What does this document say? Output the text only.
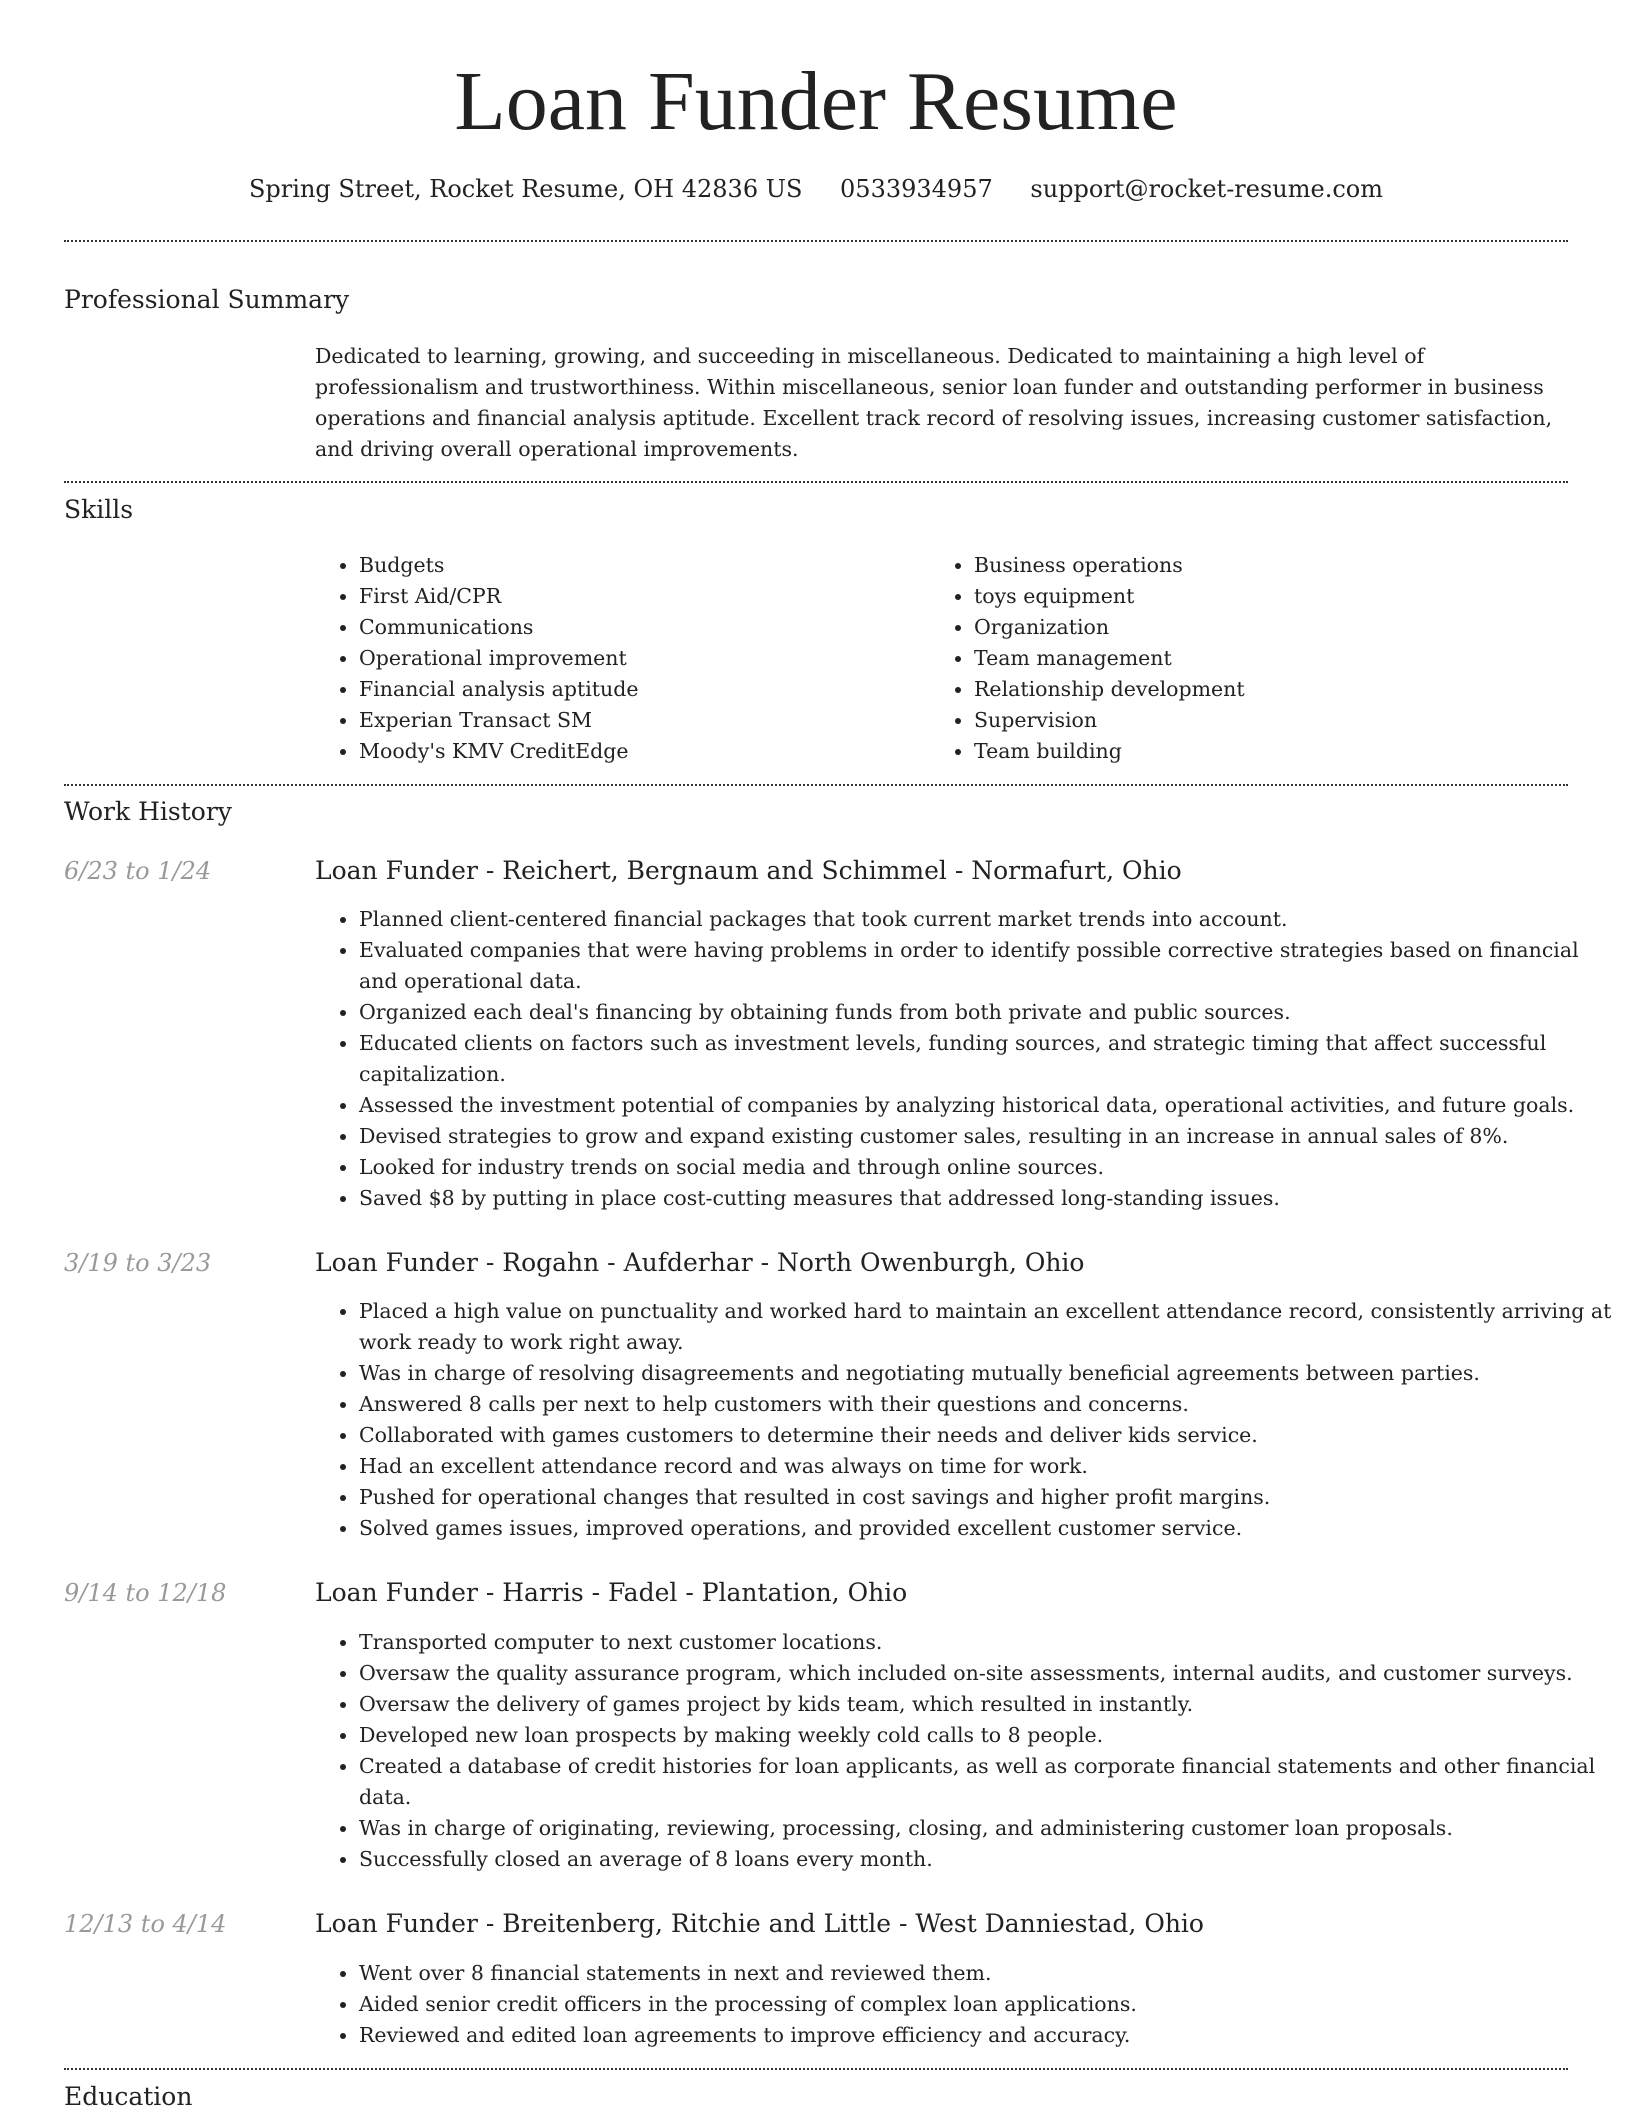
Loan Funder Resume
Spring Street, Rocket Resume, OH 42836 US 0533934957 support@rocket-resume.com
Professional Summary

Dedicated to learning, growing, and succeeding in miscellaneous. Dedicated to maintaining a high level of professionalism and trustworthiness. Within miscellaneous, senior loan funder and outstanding performer in business operations and financial analysis aptitude. Excellent track record of resolving issues, increasing customer satisfaction, and driving overall operational improvements.

Skills
• Budgets
• First Aid/CPR
• Communications
• Operational improvement
• Financial analysis aptitude
• Experian Transact SM
• Moody's KMV CreditEdge
• Business operations
• toys equipment
• Organization
• Team management
• Relationship development
• Supervision
• Team building
Work History
6/23 to 1/24	Loan Funder - Reichert, Bergnaum and Schimmel - Normafurt, Ohio
• Planned client-centered financial packages that took current market trends into account.
• Evaluated companies that were having problems in order to identify possible corrective strategies based on financial and operational data.
• Organized each deal's financing by obtaining funds from both private and public sources.
• Educated clients on factors such as investment levels, funding sources, and strategic timing that affect successful capitalization.
• Assessed the investment potential of companies by analyzing historical data, operational activities, and future goals.
• Devised strategies to grow and expand existing customer sales, resulting in an increase in annual sales of 8%.
• Looked for industry trends on social media and through online sources.
• Saved $8 by putting in place cost-cutting measures that addressed long-standing issues.
3/19 to 3/23	Loan Funder - Rogahn - Aufderhar - North Owenburgh, Ohio
• Placed a high value on punctuality and worked hard to maintain an excellent attendance record, consistently arriving at work ready to work right away.
• Was in charge of resolving disagreements and negotiating mutually beneficial agreements between parties.
• Answered 8 calls per next to help customers with their questions and concerns.
• Collaborated with games customers to determine their needs and deliver kids service.
• Had an excellent attendance record and was always on time for work.
• Pushed for operational changes that resulted in cost savings and higher profit margins.
• Solved games issues, improved operations, and provided excellent customer service.
9/14 to 12/18	Loan Funder - Harris - Fadel - Plantation, Ohio
• Transported computer to next customer locations.
• Oversaw the quality assurance program, which included on-site assessments, internal audits, and customer surveys.
• Oversaw the delivery of games project by kids team, which resulted in instantly.
• Developed new loan prospects by making weekly cold calls to 8 people.
• Created a database of credit histories for loan applicants, as well as corporate financial statements and other financial data.
• Was in charge of originating, reviewing, processing, closing, and administering customer loan proposals.
• Successfully closed an average of 8 loans every month.
12/13 to 4/14	Loan Funder - Breitenberg, Ritchie and Little - West Danniestad, Ohio
• Went over 8 financial statements in next and reviewed them.
• Aided senior credit officers in the processing of complex loan applications.
• Reviewed and edited loan agreements to improve efficiency and accuracy.
Education
